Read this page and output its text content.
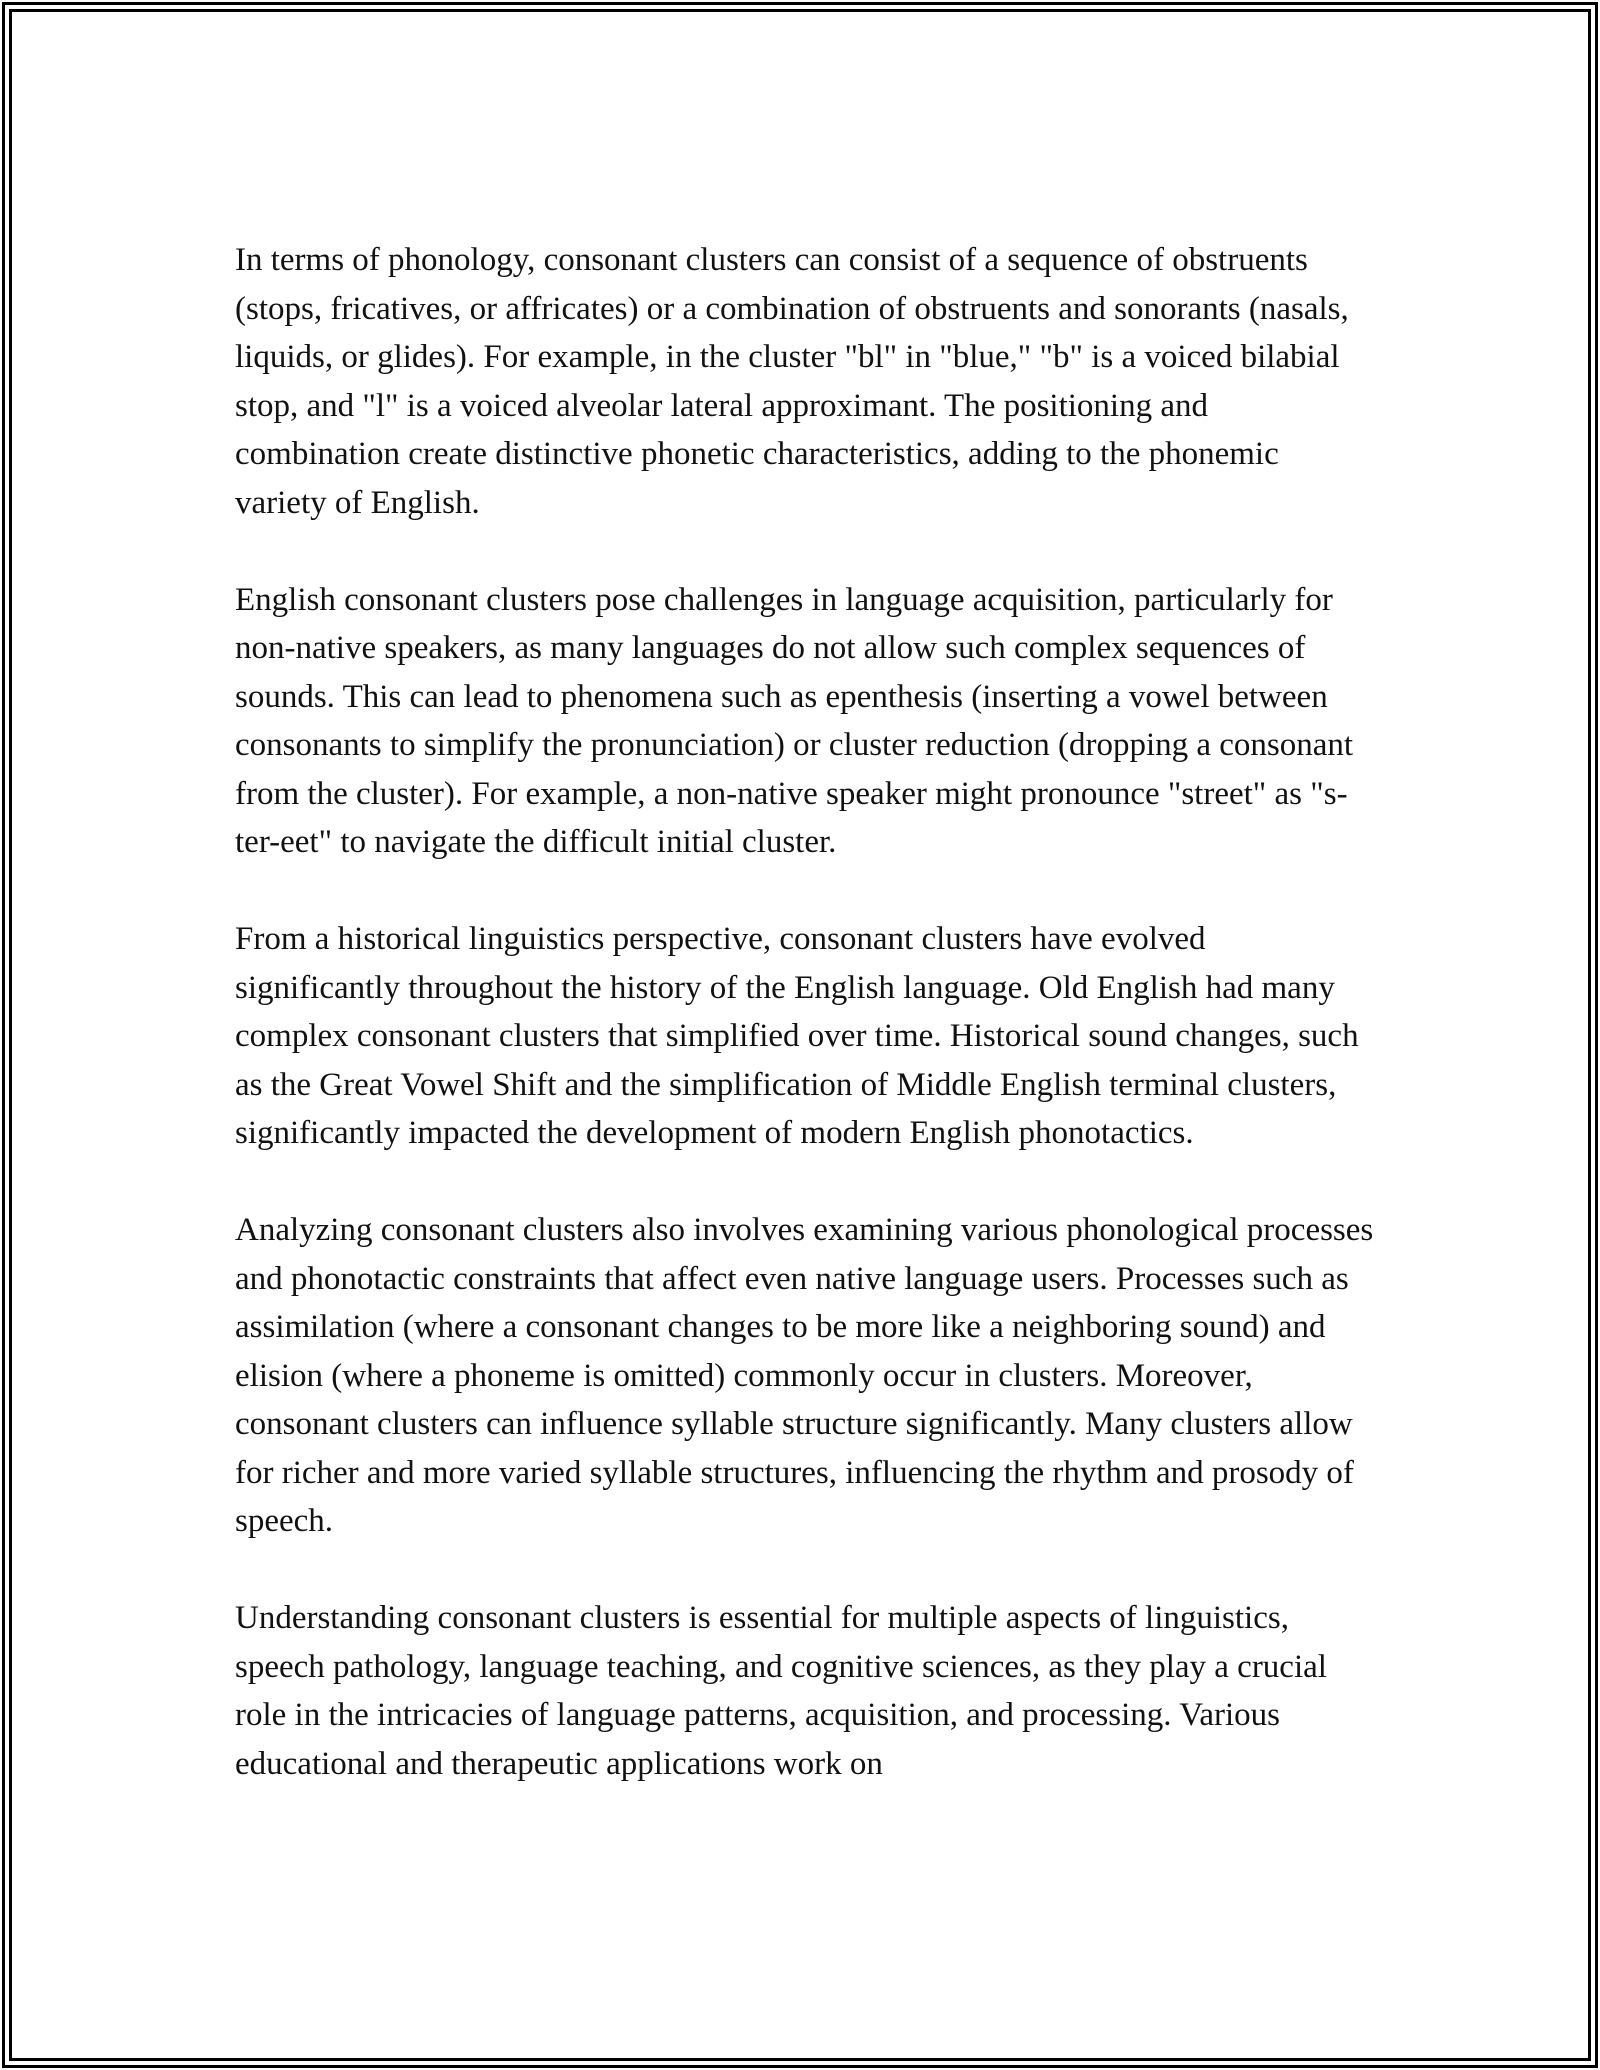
In terms of phonology, consonant clusters can consist of a sequence of obstruents (stops, fricatives, or affricates) or a combination of obstruents and sonorants (nasals, liquids, or glides). For example, in the cluster "bl" in "blue," "b" is a voiced bilabial stop, and "l" is a voiced alveolar lateral approximant. The positioning and combination create distinctive phonetic characteristics, adding to the phonemic variety of English.

English consonant clusters pose challenges in language acquisition, particularly for non-native speakers, as many languages do not allow such complex sequences of sounds. This can lead to phenomena such as epenthesis (inserting a vowel between consonants to simplify the pronunciation) or cluster reduction (dropping a consonant from the cluster). For example, a non-native speaker might pronounce "street" as "s-ter-eet" to navigate the difficult initial cluster.

From a historical linguistics perspective, consonant clusters have evolved significantly throughout the history of the English language. Old English had many complex consonant clusters that simplified over time. Historical sound changes, such as the Great Vowel Shift and the simplification of Middle English terminal clusters, significantly impacted the development of modern English phonotactics.

Analyzing consonant clusters also involves examining various phonological processes and phonotactic constraints that affect even native language users. Processes such as assimilation (where a consonant changes to be more like a neighboring sound) and elision (where a phoneme is omitted) commonly occur in clusters. Moreover, consonant clusters can influence syllable structure significantly. Many clusters allow for richer and more varied syllable structures, influencing the rhythm and prosody of speech.

Understanding consonant clusters is essential for multiple aspects of linguistics, speech pathology, language teaching, and cognitive sciences, as they play a crucial role in the intricacies of language patterns, acquisition, and processing. Various educational and therapeutic applications work on
